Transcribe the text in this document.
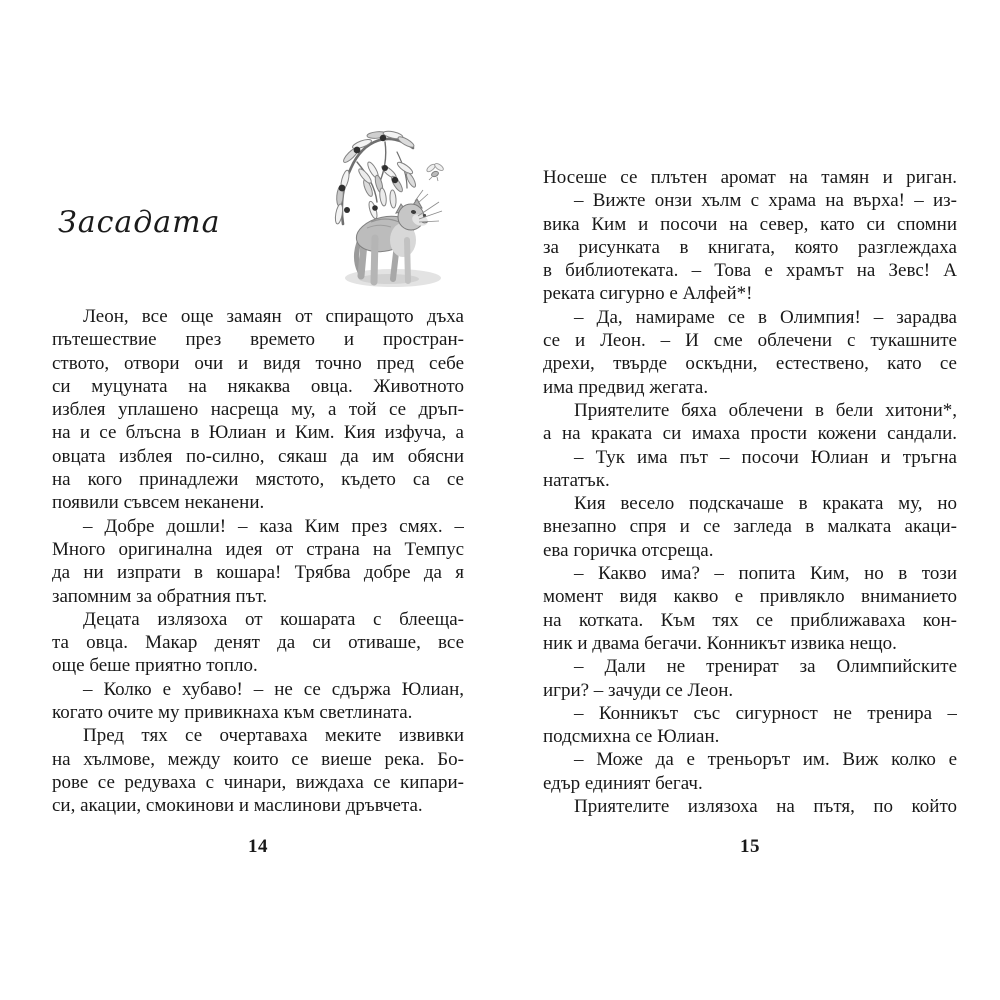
Засадата
Леон, все още замаян от спиращото дъха
пътешествие през времето и простран-
ството, отвори очи и видя точно пред себе
си муцуната на някаква овца. Животното
изблея уплашено насреща му, а той се дръп-
на и се блъсна в Юлиан и Ким. Кия изфуча, а
овцата изблея по-силно, сякаш да им обясни
на кого принадлежи мястото, където са се
появили съвсем неканени.
– Добре дошли! – каза Ким през смях. –
Много оригинална идея от страна на Темпус
да ни изпрати в кошара! Трябва добре да я
запомним за обратния път.
Децата излязоха от кошарата с блееща-
та овца. Макар денят да си отиваше, все
още беше приятно топло.
– Колко е хубаво! – не се сдържа Юлиан,
когато очите му привикнаха към светлината.
Пред тях се очертаваха меките извивки
на хълмове, между които се виеше река. Бо-
рове се редуваха с чинари, виждаха се кипари-
си, акации, смокинови и маслинови дръвчета.
14
Носеше се плътен аромат на тамян и риган.
– Вижте онзи хълм с храма на върха! – из-
вика Ким и посочи на север, като си спомни
за рисунката в книгата, която разглеждаха
в библиотеката. – Това е храмът на Зевс! А
реката сигурно е Алфей*!
– Да, намираме се в Олимпия! – зарадва
се и Леон. – И сме облечени с тукашните
дрехи, твърде оскъдни, естествено, като се
има предвид жегата.
Приятелите бяха облечени в бели хитони*,
а на краката си имаха прости кожени сандали.
– Тук има път – посочи Юлиан и тръгна
нататък.
Кия весело подскачаше в краката му, но
внезапно спря и се загледа в малката акаци-
ева горичка отсреща.
– Какво има? – попита Ким, но в този
момент видя какво е привлякло вниманието
на котката. Към тях се приближаваха кон-
ник и двама бегачи. Конникът извика нещо.
– Дали не тренират за Олимпийските
игри? – зачуди се Леон.
– Конникът със сигурност не тренира –
подсмихна се Юлиан.
– Може да е треньорът им. Виж колко е
едър единият бегач.
Приятелите излязоха на пътя, по който
15
